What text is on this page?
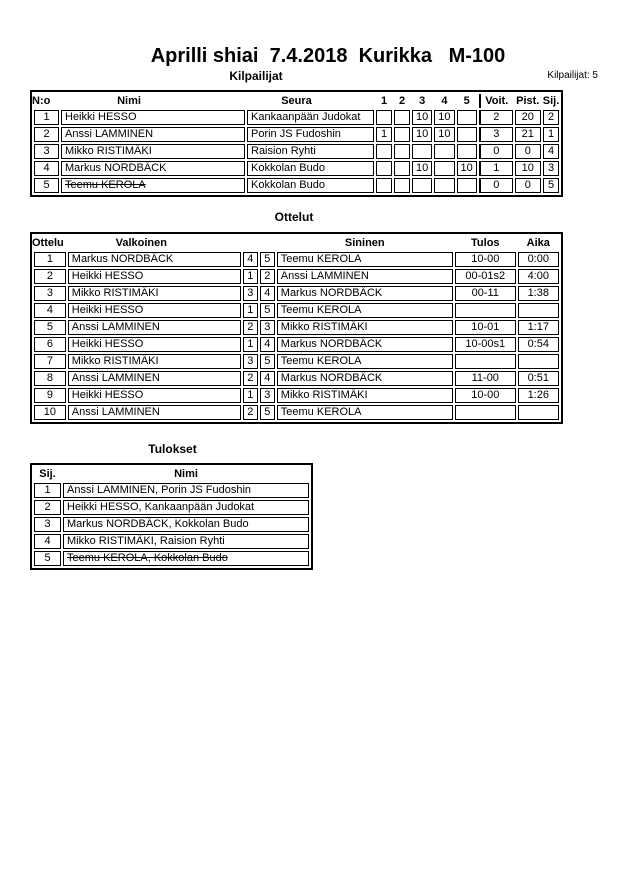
Aprilli shiai  7.4.2018  Kurikka   M-100
Kilpailijat	Kilpailijat: 5
N:o	Nimi	Seura	1	2	3	4	5	Voit.	Pist.	Sij.
1	Heikki HESSO	Kankaanpään Judokat			10	10		2	20	2
2	Anssi LAMMINEN	Porin JS Fudoshin	1		10	10		3	21	1
3	Mikko RISTIMÄKI	Raision Ryhti						0	0	4
4	Markus NORDBÄCK	Kokkolan Budo			10		10	1	10	3
5	Teemu KEROLA	Kokkolan Budo						0	0	5
Ottelut
Ottelu	Valkoinen			Sininen	Tulos	Aika
1	Markus NORDBÄCK	4	5	Teemu KEROLA	10-00	0:00
2	Heikki HESSO	1	2	Anssi LAMMINEN	00-01s2	4:00
3	Mikko RISTIMÄKI	3	4	Markus NORDBÄCK	00-11	1:38
4	Heikki HESSO	1	5	Teemu KEROLA		
5	Anssi LAMMINEN	2	3	Mikko RISTIMÄKI	10-01	1:17
6	Heikki HESSO	1	4	Markus NORDBÄCK	10-00s1	0:54
7	Mikko RISTIMÄKI	3	5	Teemu KEROLA		
8	Anssi LAMMINEN	2	4	Markus NORDBÄCK	11-00	0:51
9	Heikki HESSO	1	3	Mikko RISTIMÄKI	10-00	1:26
10	Anssi LAMMINEN	2	5	Teemu KEROLA		
Tulokset
Sij.	Nimi
1	Anssi LAMMINEN, Porin JS Fudoshin
2	Heikki HESSO, Kankaanpään Judokat
3	Markus NORDBÄCK, Kokkolan Budo
4	Mikko RISTIMÄKI, Raision Ryhti
5	Teemu KEROLA, Kokkolan Budo
